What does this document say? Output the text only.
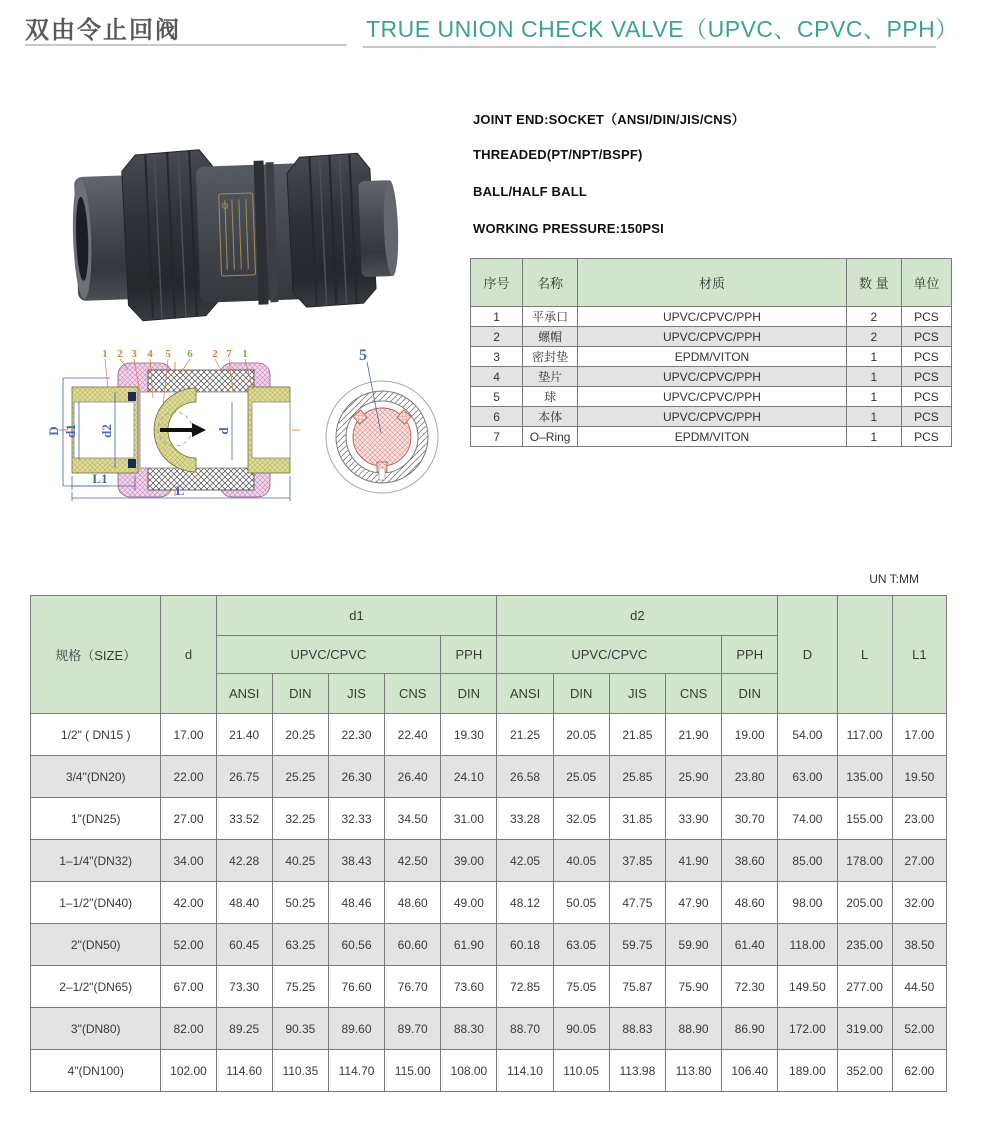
双由令止回阀	TRUE UNION CHECK VALVE（UPVC、CPVC、PPH）
JOINT END:SOCKET（ANSI/DIN/JIS/CNS）
THREADED(PT/NPT/BSPF)
BALL/HALF BALL
WORKING PRESSURE:150PSI
序号	名称	材质	数 量	单位
1	平承口	UPVC/CPVC/PPH	2	PCS
2	螺帽	UPVC/CPVC/PPH	2	PCS
3	密封垫	EPDM/VITON	1	PCS
4	垫片	UPVC/CPVC/PPH	1	PCS
5	球	UPVC/CPVC/PPH	1	PCS
6	本体	UPVC/CPVC/PPH	1	PCS
7	O–Ring	EPDM/VITON	1	PCS
D d1 d2	d
L1
L
1 2 3 4 5 6 2 7 1	5
UN T:MM
规格（SIZE）	d	d1					d2					D	L	L1
		UPVC/CPVC				PPH	UPVC/CPVC				PPH			
		ANSI	DIN	JIS	CNS	DIN	ANSI	DIN	JIS	CNS	DIN			
1/2" ( DN15 )	17.00	21.40	20.25	22.30	22.40	19.30	21.25	20.05	21.85	21.90	19.00	54.00	117.00	17.00
3/4"(DN20)	22.00	26.75	25.25	26.30	26.40	24.10	26.58	25.05	25.85	25.90	23.80	63.00	135.00	19.50
1"(DN25)	27.00	33.52	32.25	32.33	34.50	31.00	33.28	32.05	31.85	33.90	30.70	74.00	155.00	23.00
1–1/4"(DN32)	34.00	42.28	40.25	38.43	42.50	39.00	42.05	40.05	37.85	41.90	38.60	85.00	178.00	27.00
1–1/2"(DN40)	42.00	48.40	50.25	48.46	48.60	49.00	48.12	50.05	47.75	47.90	48.60	98.00	205.00	32.00
2"(DN50)	52.00	60.45	63.25	60.56	60.60	61.90	60.18	63.05	59.75	59.90	61.40	118.00	235.00	38.50
2–1/2"(DN65)	67.00	73.30	75.25	76.60	76.70	73.60	72.85	75.05	75.87	75.90	72.30	149.50	277.00	44.50
3"(DN80)	82.00	89.25	90.35	89.60	89.70	88.30	88.70	90.05	88.83	88.90	86.90	172.00	319.00	52.00
4"(DN100)	102.00	114.60	110.35	114.70	115.00	108.00	114.10	110.05	113.98	113.80	106.40	189.00	352.00	62.00
